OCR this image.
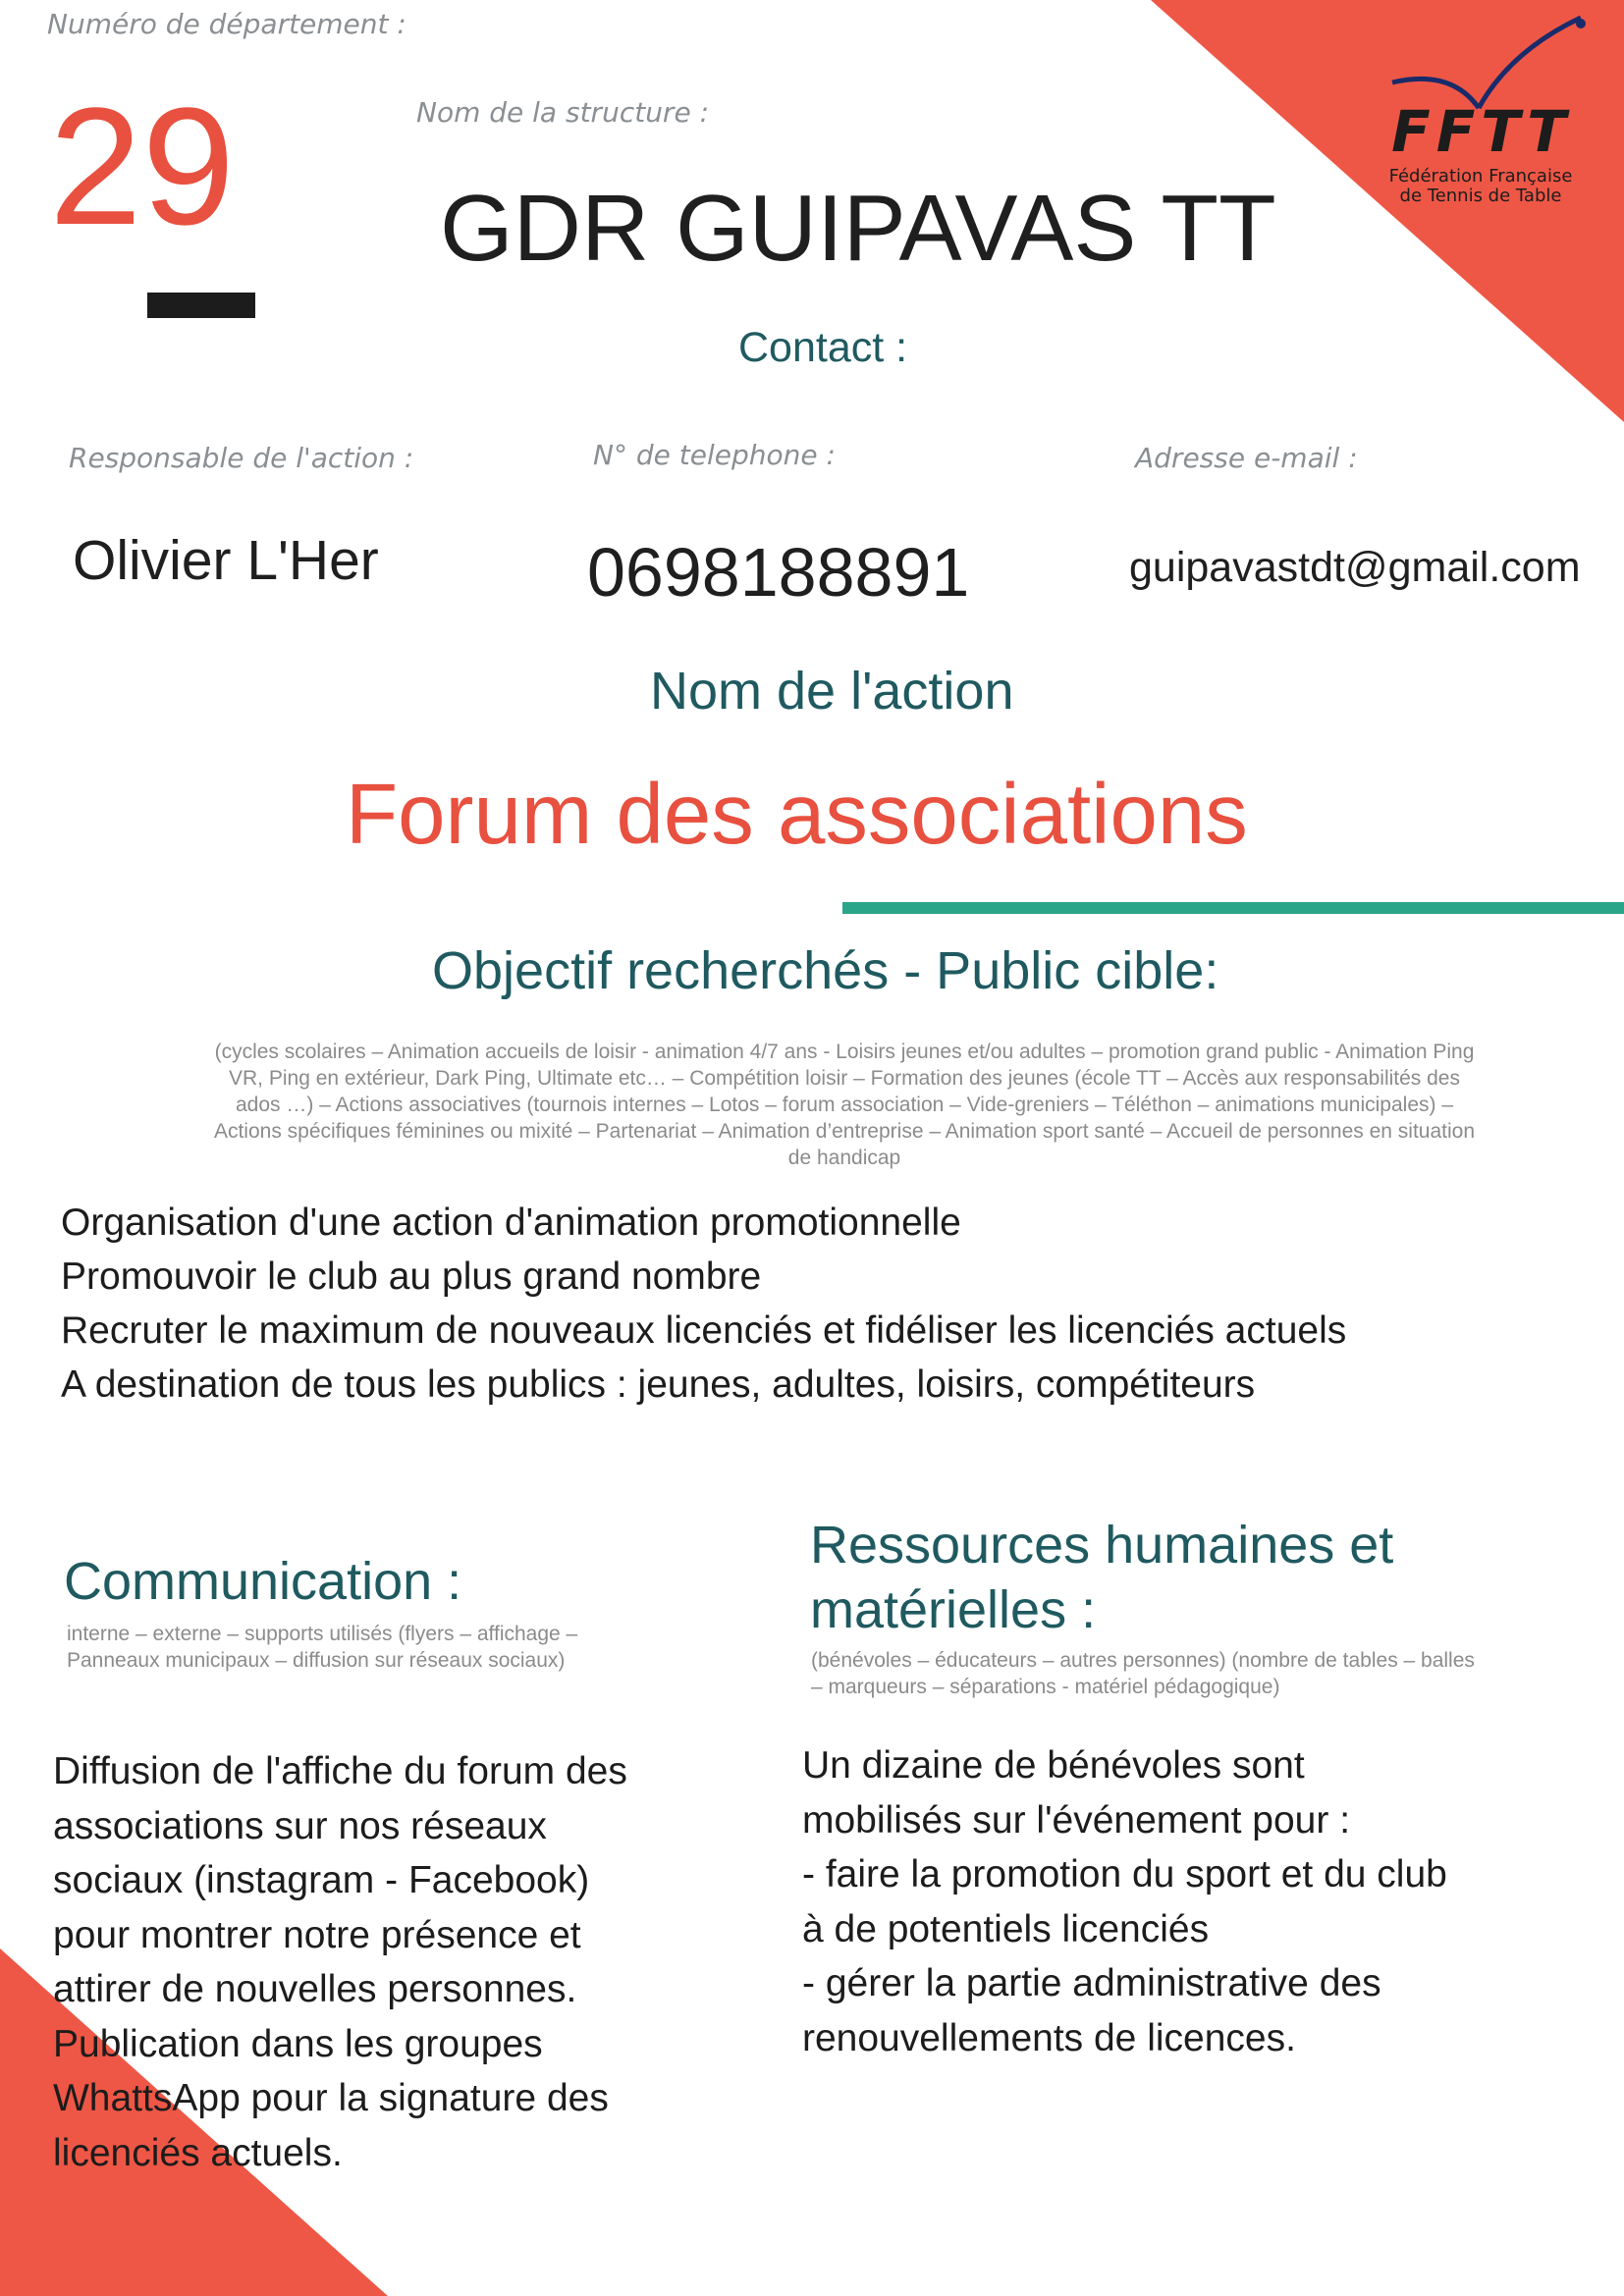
FFTT
Fédération Française
de Tennis de Table
Numéro de département :
29	Nom de la structure :
GDR GUIPAVAS TT
Contact :
Responsable de l'action :	N° de telephone :	Adresse e-mail :
Olivier L'Her	0698188891	guipavastdt@gmail.com
Nom de l'action
Forum des associations
Objectif recherchés - Public cible:
(cycles scolaires – Animation accueils de loisir - animation 4/7 ans - Loisirs jeunes et/ou adultes – promotion grand public - Animation Ping
VR, Ping en extérieur, Dark Ping, Ultimate etc… – Compétition loisir – Formation des jeunes (école TT – Accès aux responsabilités des
ados …) – Actions associatives (tournois internes – Lotos – forum association – Vide-greniers – Téléthon – animations municipales) –
Actions spécifiques féminines ou mixité – Partenariat – Animation d’entreprise – Animation sport santé – Accueil de personnes en situation
de handicap
Organisation d'une action d'animation promotionnelle
Promouvoir le club au plus grand nombre
Recruter le maximum de nouveaux licenciés et fidéliser les licenciés actuels
A destination de tous les publics : jeunes, adultes, loisirs, compétiteurs
Communication :
interne – externe – supports utilisés (flyers – affichage –
Panneaux municipaux – diffusion sur réseaux sociaux)
Diffusion de l'affiche du forum des
associations sur nos réseaux
sociaux (instagram - Facebook)
pour montrer notre présence et
attirer de nouvelles personnes.
Publication dans les groupes
WhattsApp pour la signature des
licenciés actuels.
Ressources humaines et
matérielles :
(bénévoles – éducateurs – autres personnes) (nombre de tables – balles
– marqueurs – séparations - matériel pédagogique)
Un dizaine de bénévoles sont
mobilisés sur l'événement pour :
- faire la promotion du sport et du club
à de potentiels licenciés
- gérer la partie administrative des
renouvellements de licences.
